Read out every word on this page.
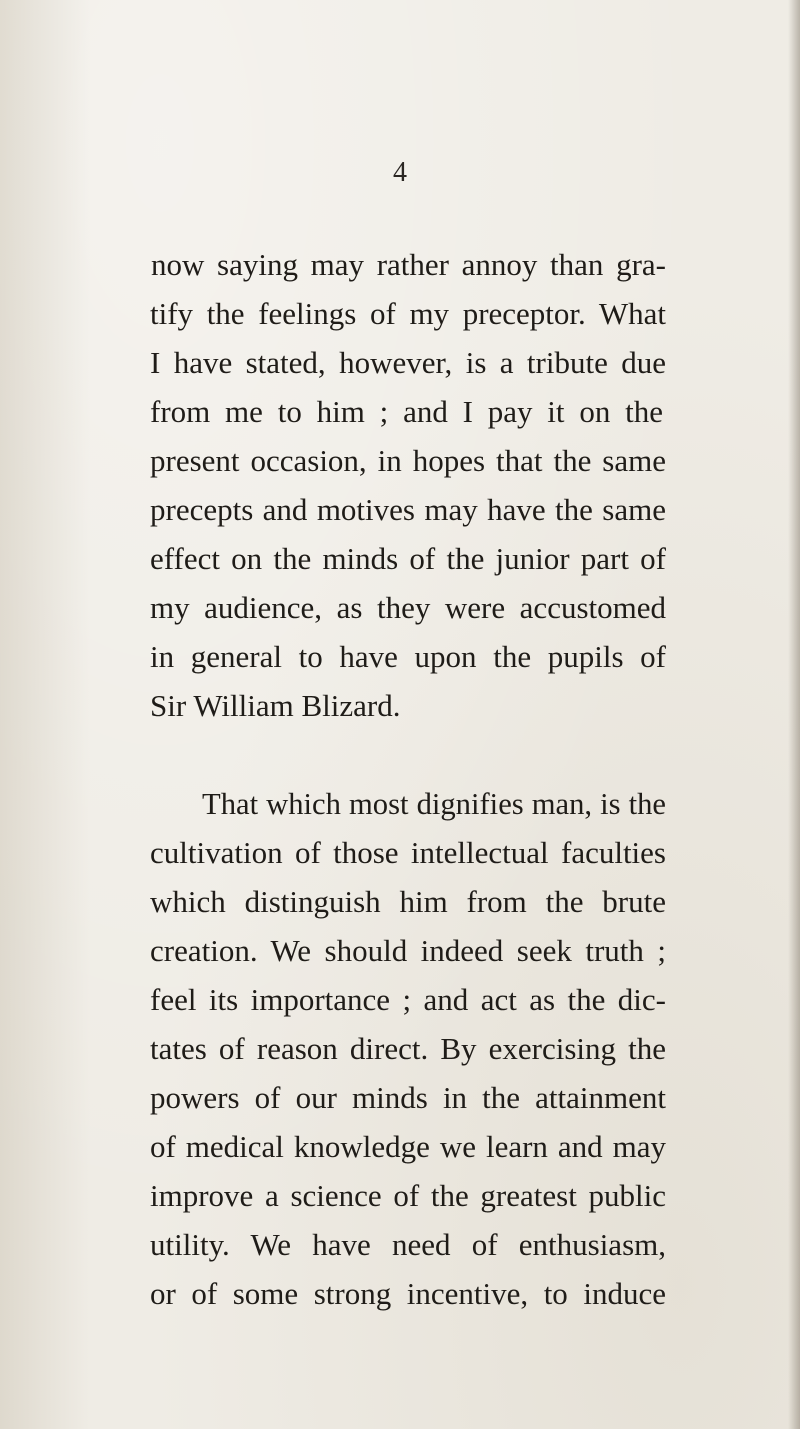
4
now saying may rather annoy than gra-
tify the feelings of my preceptor. What
I have stated, however, is a tribute due
from me to him ; and I pay it on the
present occasion, in hopes that the same
precepts and motives may have the same
effect on the minds of the junior part of
my audience, as they were accustomed
in general to have upon the pupils of
Sir William Blizard.
That which most dignifies man, is the
cultivation of those intellectual faculties
which distinguish him from the brute
creation. We should indeed seek truth ;
feel its importance ; and act as the dic-
tates of reason direct. By exercising the
powers of our minds in the attainment
of medical knowledge we learn and may
improve a science of the greatest public
utility. We have need of enthusiasm,
or of some strong incentive, to induce
